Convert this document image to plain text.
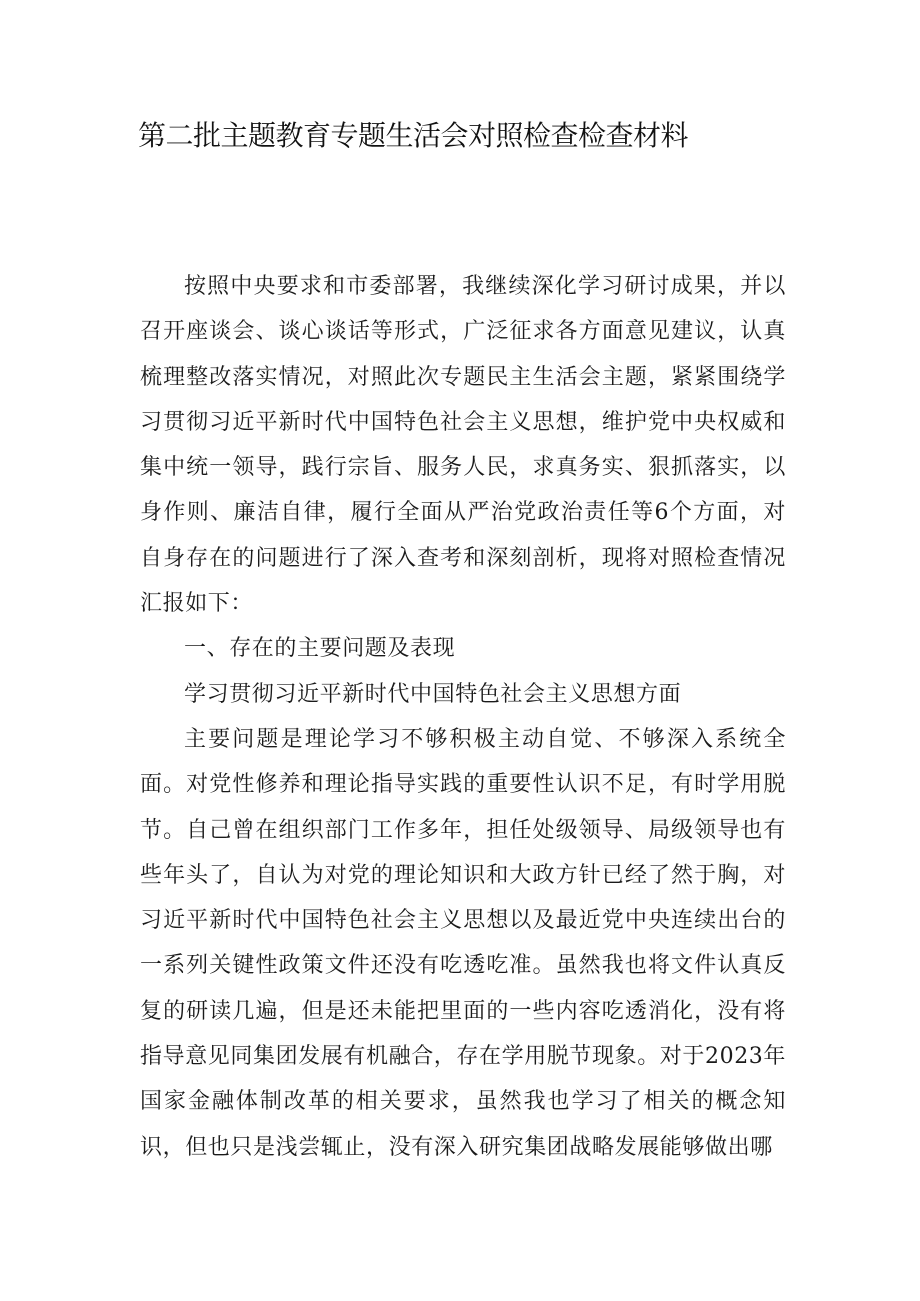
第二批主题教育专题生活会对照检查检查材料

按照中央要求和市委部署，我继续深化学习研讨成果，并以召开座谈会、谈心谈话等形式，广泛征求各方面意见建议，认真梳理整改落实情况，对照此次专题民主生活会主题，紧紧围绕学习贯彻习近平新时代中国特色社会主义思想，维护党中央权威和集中统一领导，践行宗旨、服务人民，求真务实、狠抓落实，以身作则、廉洁自律，履行全面从严治党政治责任等6个方面，对自身存在的问题进行了深入查考和深刻剖析，现将对照检查情况汇报如下：

一、存在的主要问题及表现

学习贯彻习近平新时代中国特色社会主义思想方面

主要问题是理论学习不够积极主动自觉、不够深入系统全面。对党性修养和理论指导实践的重要性认识不足，有时学用脱节。自己曾在组织部门工作多年，担任处级领导、局级领导也有些年头了，自认为对党的理论知识和大政方针已经了然于胸，对习近平新时代中国特色社会主义思想以及最近党中央连续出台的一系列关键性政策文件还没有吃透吃准。虽然我也将文件认真反复的研读几遍，但是还未能把里面的一些内容吃透消化，没有将指导意见同集团发展有机融合，存在学用脱节现象。对于2023年国家金融体制改革的相关要求，虽然我也学习了相关的概念知识，但也只是浅尝辄止，没有深入研究集团战略发展能够做出哪
